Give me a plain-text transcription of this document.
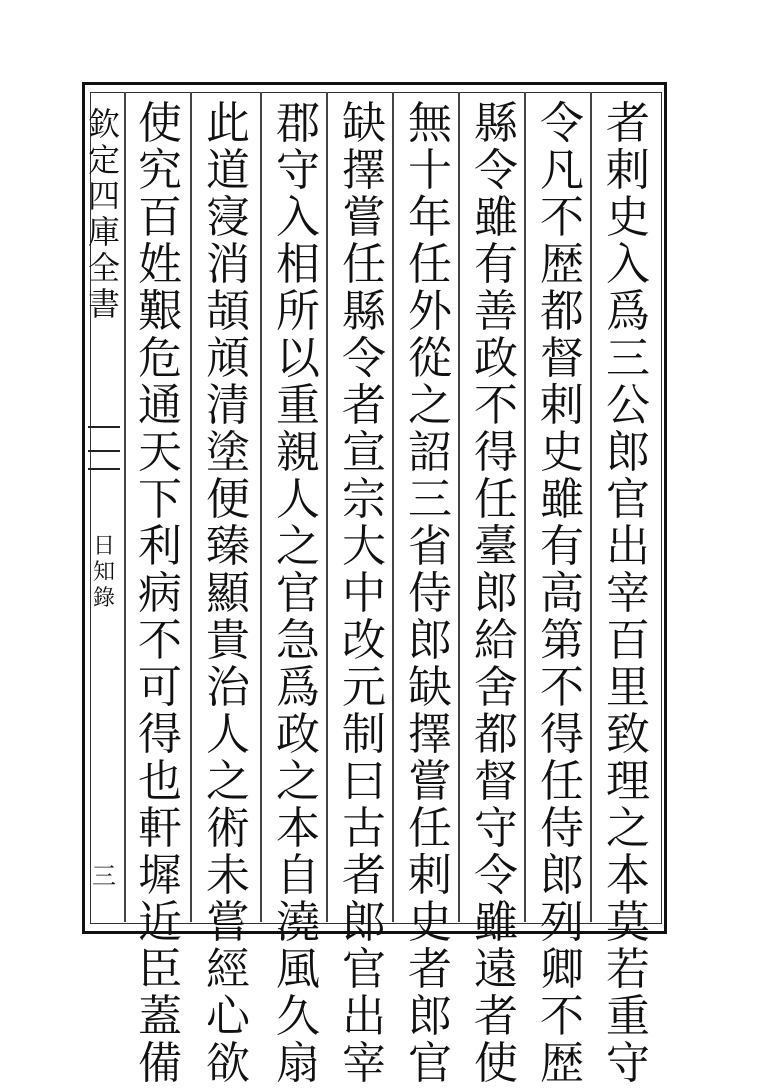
欽
定
四
庫
全
書
日
知
錄
三
者
剌
史
入
爲
三
公
郎
官
出
宰
百
里
致
理
之
本
莫
若
重
守
令
凡
不
歴
都
督
剌
史
雖
有
高
第
不
得
任
侍
郎
列
卿
不
歴
縣
令
雖
有
善
政
不
得
任
臺
郎
給
舍
都
督
守
令
雖
遠
者
使
無
十
年
任
外
從
之
詔
三
省
侍
郎
缺
擇
嘗
任
剌
史
者
郎
官
缺
擇
嘗
任
縣
令
者
宣
宗
大
中
改
元
制
曰
古
者
郎
官
出
宰
郡
守
入
相
所
以
重
親
人
之
官
急
爲
政
之
本
自
澆
風
久
扇
此
道
寖
消
頡
頏
清
塗
便
臻
顯
貴
治
人
之
術
未
嘗
經
心
欲
使
究
百
姓
艱
危
通
天
下
利
病
不
可
得
也
軒
墀
近
臣
蓋
備
